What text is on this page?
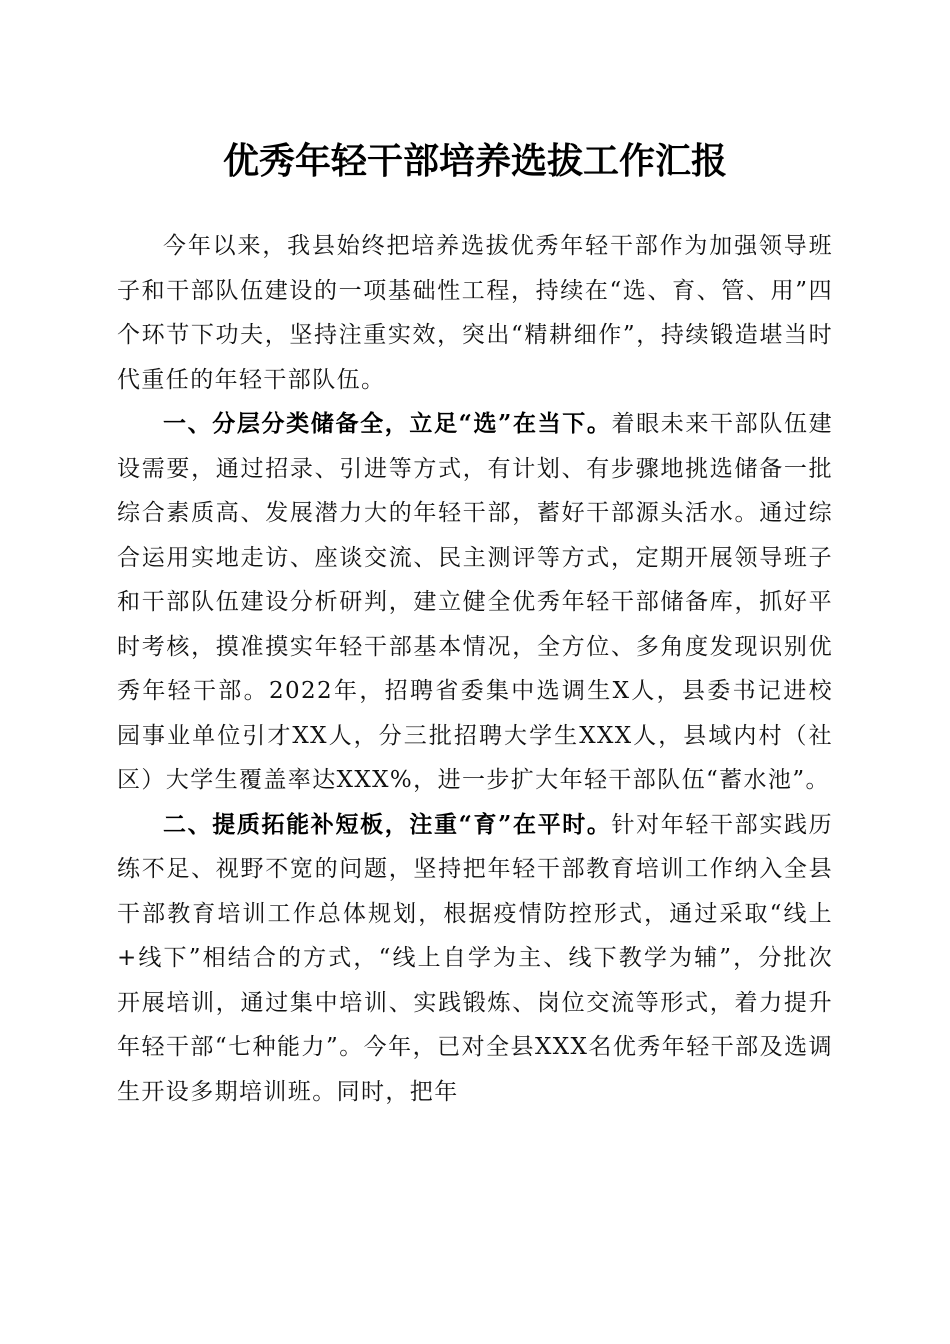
优秀年轻干部培养选拔工作汇报

今年以来，我县始终把培养选拔优秀年轻干部作为加强领导班子和干部队伍建设的一项基础性工程，持续在“选、育、管、用”四个环节下功夫，坚持注重实效，突出“精耕细作”，持续锻造堪当时代重任的年轻干部队伍。

一、分层分类储备全，立足“选”在当下。着眼未来干部队伍建设需要，通过招录、引进等方式，有计划、有步骤地挑选储备一批综合素质高、发展潜力大的年轻干部，蓄好干部源头活水。通过综合运用实地走访、座谈交流、民主测评等方式，定期开展领导班子和干部队伍建设分析研判，建立健全优秀年轻干部储备库，抓好平时考核，摸准摸实年轻干部基本情况，全方位、多角度发现识别优秀年轻干部。2022年，招聘省委集中选调生X人，县委书记进校园事业单位引才XX人，分三批招聘大学生XXX人，县域内村（社区）大学生覆盖率达XXX%，进一步扩大年轻干部队伍“蓄水池”。

二、提质拓能补短板，注重“育”在平时。针对年轻干部实践历练不足、视野不宽的问题，坚持把年轻干部教育培训工作纳入全县干部教育培训工作总体规划，根据疫情防控形式，通过采取“线上+线下”相结合的方式，“线上自学为主、线下教学为辅”，分批次开展培训，通过集中培训、实践锻炼、岗位交流等形式，着力提升年轻干部“七种能力”。今年，已对全县XXX名优秀年轻干部及选调生开设多期培训班。同时，把年
